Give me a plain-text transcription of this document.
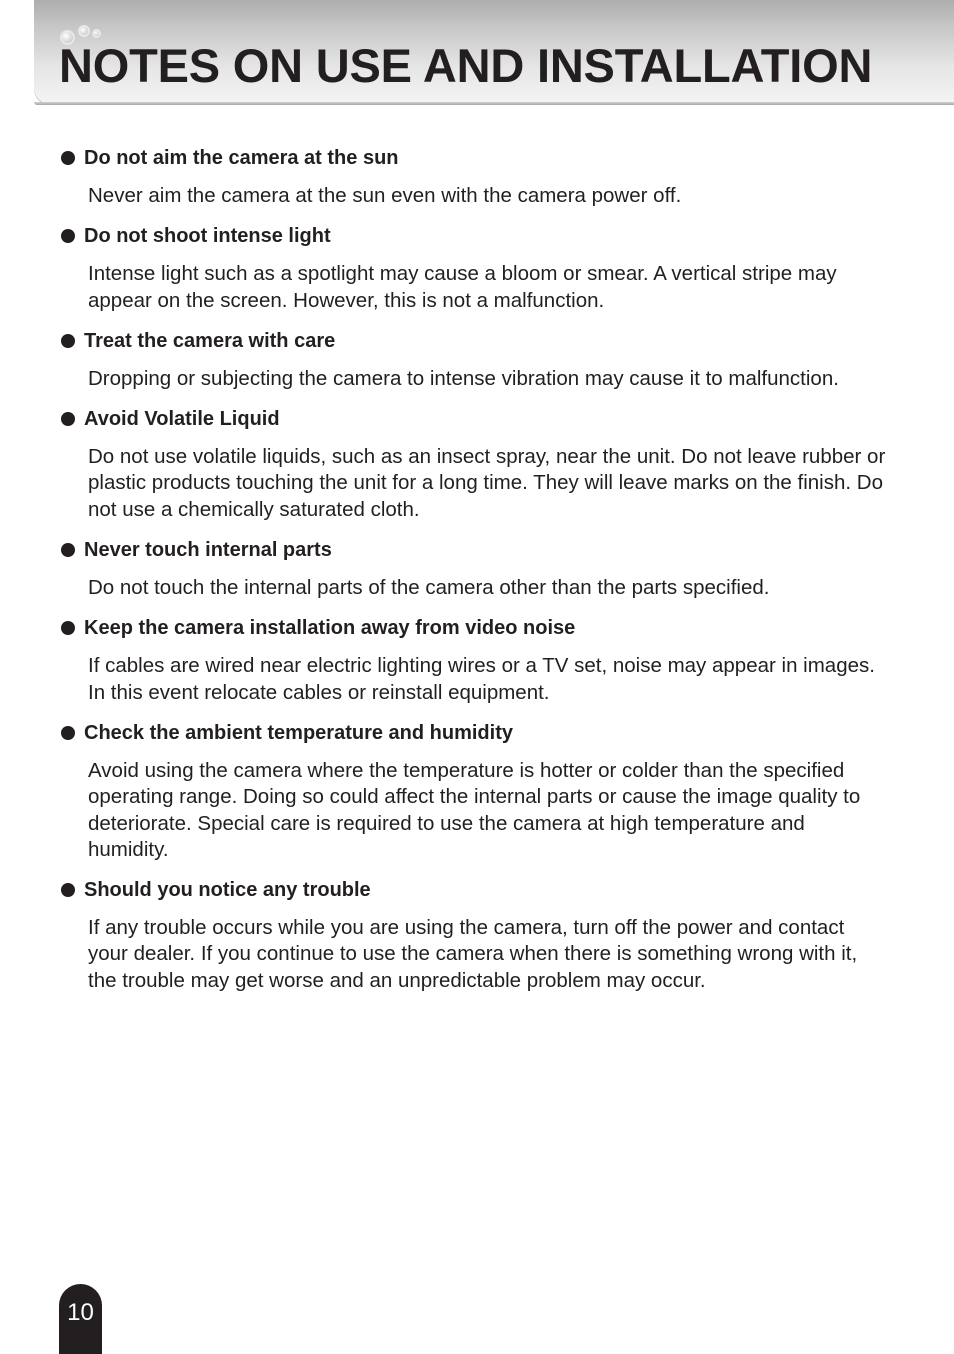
NOTES ON USE AND INSTALLATION

Do not aim the camera at the sun

Never aim the camera at the sun even with the camera power off.

Do not shoot intense light

Intense light such as a spotlight may cause a bloom or smear. A vertical stripe may appear on the screen. However, this is not a malfunction.

Treat the camera with care

Dropping or subjecting the camera to intense vibration may cause it to malfunction.

Avoid Volatile Liquid

Do not use volatile liquids, such as an insect spray, near the unit. Do not leave rubber or plastic products touching the unit for a long time. They will leave marks on the finish. Do not use a chemically saturated cloth.

Never touch internal parts

Do not touch the internal parts of the camera other than the parts specified.

Keep the camera installation away from video noise

If cables are wired near electric lighting wires or a TV set, noise may appear in images. In this event relocate cables or reinstall equipment.

Check the ambient temperature and humidity

Avoid using the camera where the temperature is hotter or colder than the specified operating range. Doing so could affect the internal parts or cause the image quality to deteriorate. Special care is required to use the camera at high temperature and humidity.

Should you notice any trouble

If any trouble occurs while you are using the camera, turn off the power and contact your dealer. If you continue to use the camera when there is something wrong with it, the trouble may get worse and an unpredictable problem may occur.

10
